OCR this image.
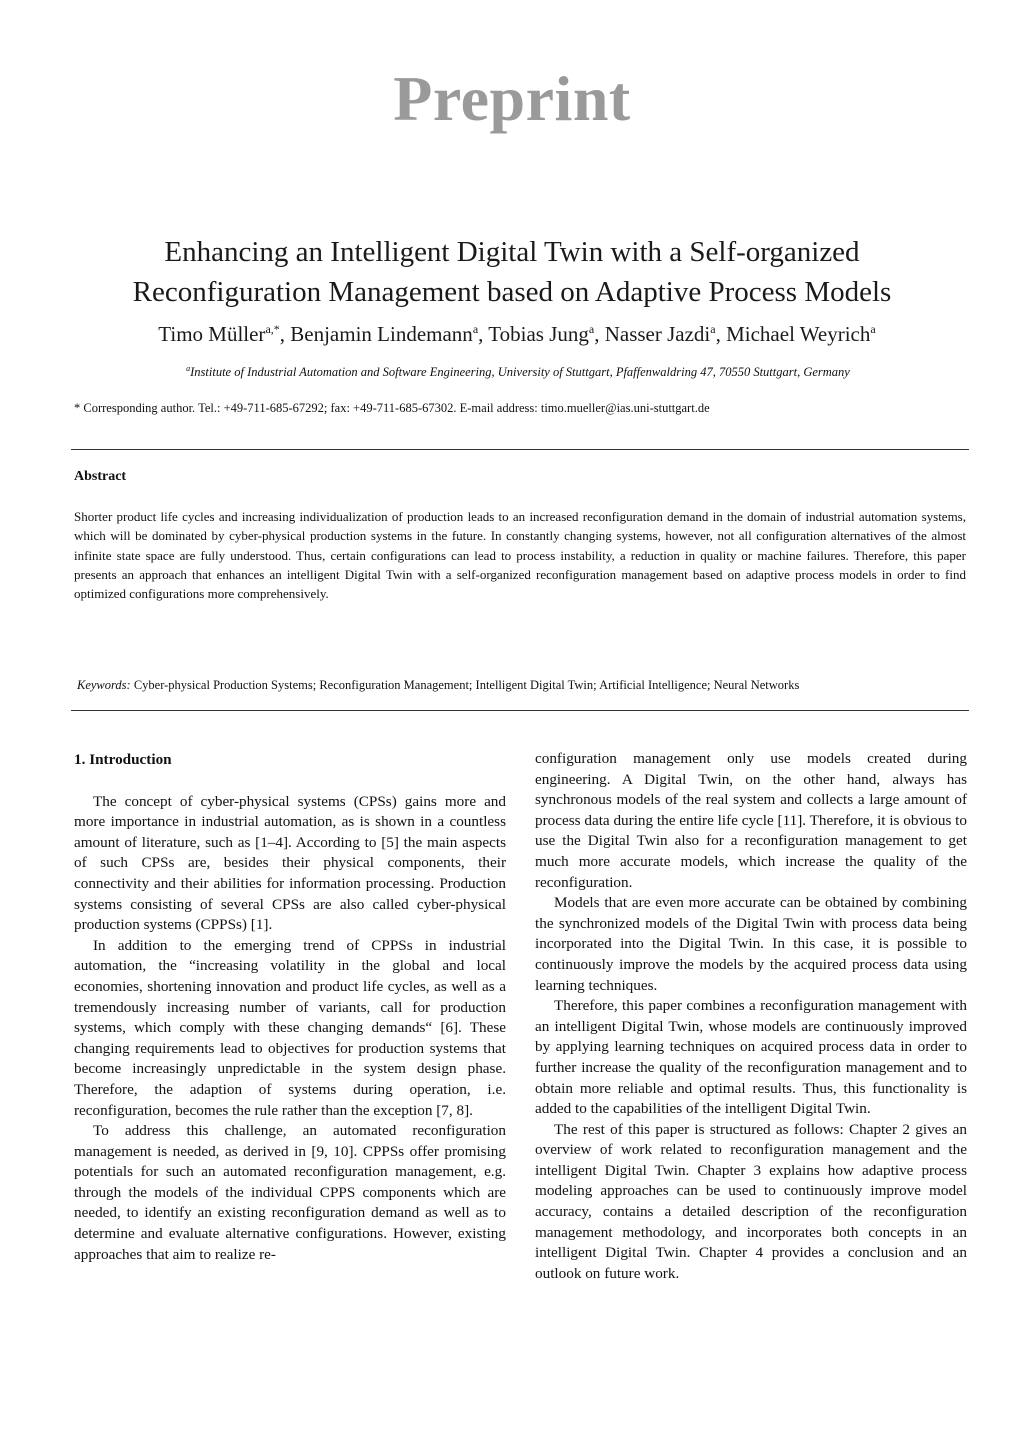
Preprint
Enhancing an Intelligent Digital Twin with a Self-organized
Reconfiguration Management based on Adaptive Process Models
Timo Müller$^{a,*}$, Benjamin Lindemann$^a$, Tobias Jung$^a$, Nasser Jazdi$^a$, Michael Weyrich$^a$
$^a$Institute of Industrial Automation and Software Engineering, University of Stuttgart, Pfaffenwaldring 47, 70550 Stuttgart, Germany
* Corresponding author. Tel.: +49-711-685-67292; fax: +49-711-685-67302. E-mail address: timo.mueller@ias.uni-stuttgart.de
Abstract
Shorter product life cycles and increasing individualization of production leads to an increased reconfiguration demand in the domain of industrial automation systems, which will be dominated by cyber-physical production systems in the future. In constantly changing systems, however, not all configuration alternatives of the almost infinite state space are fully understood. Thus, certain configurations can lead to process instability, a reduction in quality or machine failures. Therefore, this paper presents an approach that enhances an intelligent Digital Twin with a self-organized reconfiguration management based on adaptive process models in order to find optimized configurations more comprehensively.
Keywords: Cyber-physical Production Systems; Reconfiguration Management; Intelligent Digital Twin; Artificial Intelligence; Neural Networks
1. Introduction

The concept of cyber-physical systems (CPSs) gains more and more importance in industrial automation, as is shown in a countless amount of literature, such as [1–4]. According to [5] the main aspects of such CPSs are, besides their physical components, their connectivity and their abilities for information processing. Production systems consisting of several CPSs are also called cyber-physical production systems (CPPSs) [1].

In addition to the emerging trend of CPPSs in industrial automation, the “increasing volatility in the global and local economies, shortening innovation and product life cycles, as well as a tremendously increasing number of variants, call for production systems, which comply with these changing demands“ [6]. These changing requirements lead to objectives for production systems that become increasingly unpredictable in the system design phase. Therefore, the adaption of systems during operation, i.e. reconfiguration, becomes the rule rather than the exception [7, 8].

To address this challenge, an automated reconfiguration management is needed, as derived in [9, 10]. CPPSs offer promising potentials for such an automated reconfiguration management, e.g. through the models of the individual CPPS components which are needed, to identify an existing reconfiguration demand as well as to determine and evaluate alternative configurations. However, existing approaches that aim to realize re-

configuration management only use models created during engineering. A Digital Twin, on the other hand, always has synchronous models of the real system and collects a large amount of process data during the entire life cycle [11]. Therefore, it is obvious to use the Digital Twin also for a reconfiguration management to get much more accurate models, which increase the quality of the reconfiguration.

Models that are even more accurate can be obtained by combining the synchronized models of the Digital Twin with process data being incorporated into the Digital Twin. In this case, it is possible to continuously improve the models by the acquired process data using learning techniques.

Therefore, this paper combines a reconfiguration management with an intelligent Digital Twin, whose models are continuously improved by applying learning techniques on acquired process data in order to further increase the quality of the reconfiguration management and to obtain more reliable and optimal results. Thus, this functionality is added to the capabilities of the intelligent Digital Twin.

The rest of this paper is structured as follows: Chapter 2 gives an overview of work related to reconfiguration management and the intelligent Digital Twin. Chapter 3 explains how adaptive process modeling approaches can be used to continuously improve model accuracy, contains a detailed description of the reconfiguration management methodology, and incorporates both concepts in an intelligent Digital Twin. Chapter 4 provides a conclusion and an outlook on future work.
